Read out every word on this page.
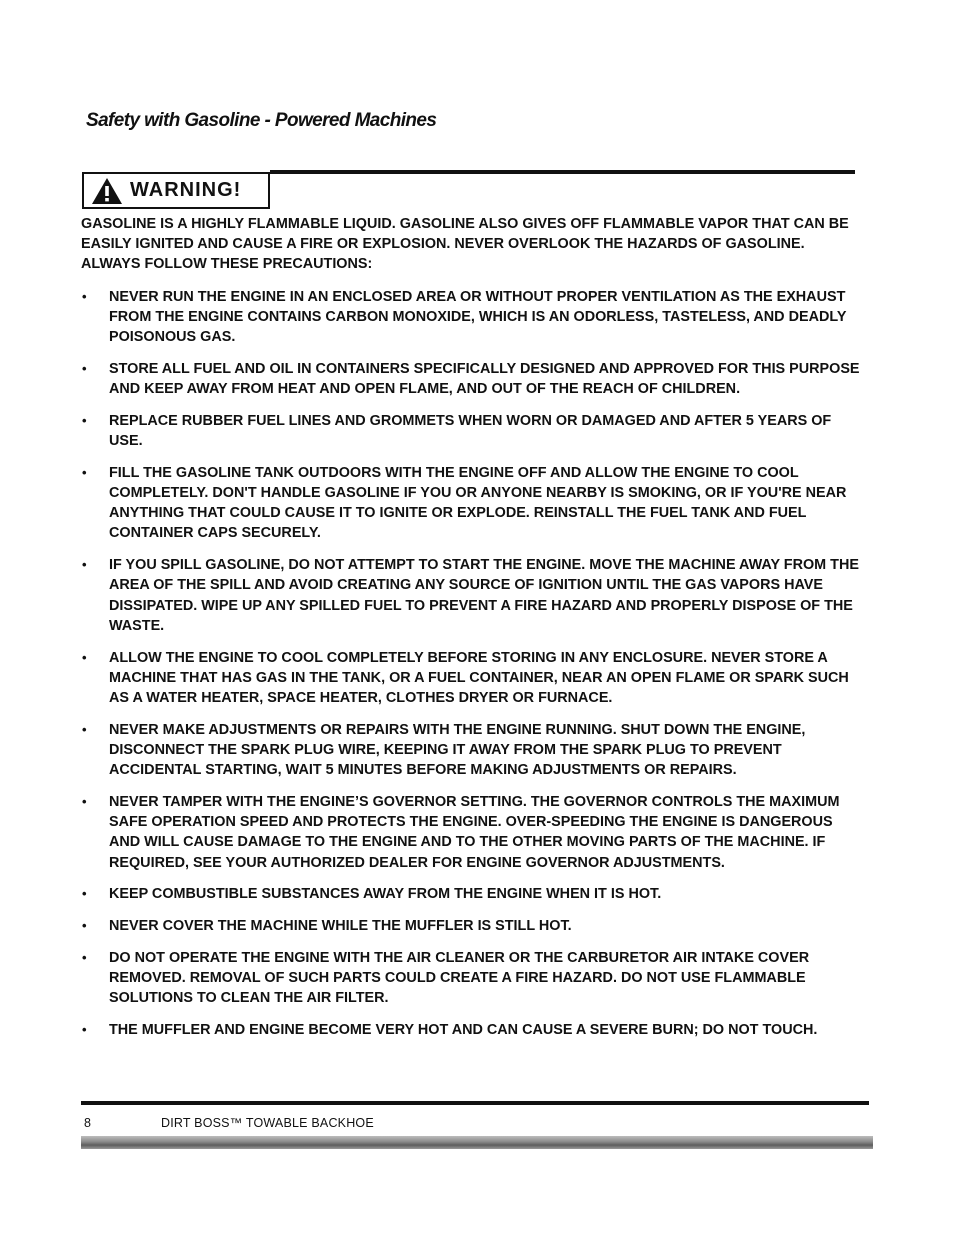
Safety with Gasoline - Powered Machines
WARNING!

GASOLINE IS A HIGHLY FLAMMABLE LIQUID. GASOLINE ALSO GIVES OFF FLAMMABLE VAPOR THAT CAN BE EASILY IGNITED AND CAUSE A FIRE OR EXPLOSION. NEVER OVERLOOK THE HAZARDS OF GASOLINE. ALWAYS FOLLOW THESE PRECAUTIONS:

• NEVER RUN THE ENGINE IN AN ENCLOSED AREA OR WITHOUT PROPER VENTILATION AS THE EXHAUST FROM THE ENGINE CONTAINS CARBON MONOXIDE, WHICH IS AN ODORLESS, TASTELESS, AND DEADLY POISONOUS GAS.
• STORE ALL FUEL AND OIL IN CONTAINERS SPECIFICALLY DESIGNED AND APPROVED FOR THIS PURPOSE AND KEEP AWAY FROM HEAT AND OPEN FLAME, AND OUT OF THE REACH OF CHILDREN.
• REPLACE RUBBER FUEL LINES AND GROMMETS WHEN WORN OR DAMAGED AND AFTER 5 YEARS OF USE.
• FILL THE GASOLINE TANK OUTDOORS WITH THE ENGINE OFF AND ALLOW THE ENGINE TO COOL COMPLETELY. DON'T HANDLE GASOLINE IF YOU OR ANYONE NEARBY IS SMOKING, OR IF YOU'RE NEAR ANYTHING THAT COULD CAUSE IT TO IGNITE OR EXPLODE. REINSTALL THE FUEL TANK AND FUEL CONTAINER CAPS SECURELY.
• IF YOU SPILL GASOLINE, DO NOT ATTEMPT TO START THE ENGINE. MOVE THE MACHINE AWAY FROM THE AREA OF THE SPILL AND AVOID CREATING ANY SOURCE OF IGNITION UNTIL THE GAS VAPORS HAVE DISSIPATED. WIPE UP ANY SPILLED FUEL TO PREVENT A FIRE HAZARD AND PROPERLY DISPOSE OF THE WASTE.
• ALLOW THE ENGINE TO COOL COMPLETELY BEFORE STORING IN ANY ENCLOSURE. NEVER STORE A MACHINE THAT HAS GAS IN THE TANK, OR A FUEL CONTAINER, NEAR AN OPEN FLAME OR SPARK SUCH AS A WATER HEATER, SPACE HEATER, CLOTHES DRYER OR FURNACE.
• NEVER MAKE ADJUSTMENTS OR REPAIRS WITH THE ENGINE RUNNING. SHUT DOWN THE ENGINE, DISCONNECT THE SPARK PLUG WIRE, KEEPING IT AWAY FROM THE SPARK PLUG TO PREVENT ACCIDENTAL STARTING, WAIT 5 MINUTES BEFORE MAKING ADJUSTMENTS OR REPAIRS.
• NEVER TAMPER WITH THE ENGINE’S GOVERNOR SETTING. THE GOVERNOR CONTROLS THE MAXIMUM SAFE OPERATION SPEED AND PROTECTS THE ENGINE. OVER-SPEEDING THE ENGINE IS DANGEROUS AND WILL CAUSE DAMAGE TO THE ENGINE AND TO THE OTHER MOVING PARTS OF THE MACHINE. IF REQUIRED, SEE YOUR AUTHORIZED DEALER FOR ENGINE GOVERNOR ADJUSTMENTS.
• KEEP COMBUSTIBLE SUBSTANCES AWAY FROM THE ENGINE WHEN IT IS HOT.
• NEVER COVER THE MACHINE WHILE THE MUFFLER IS STILL HOT.
• DO NOT OPERATE THE ENGINE WITH THE AIR CLEANER OR THE CARBURETOR AIR INTAKE COVER REMOVED. REMOVAL OF SUCH PARTS COULD CREATE A FIRE HAZARD. DO NOT USE FLAMMABLE SOLUTIONS TO CLEAN THE AIR FILTER.
• THE MUFFLER AND ENGINE BECOME VERY HOT AND CAN CAUSE A SEVERE BURN; DO NOT TOUCH.
8	DIRT BOSS™ TOWABLE BACKHOE
